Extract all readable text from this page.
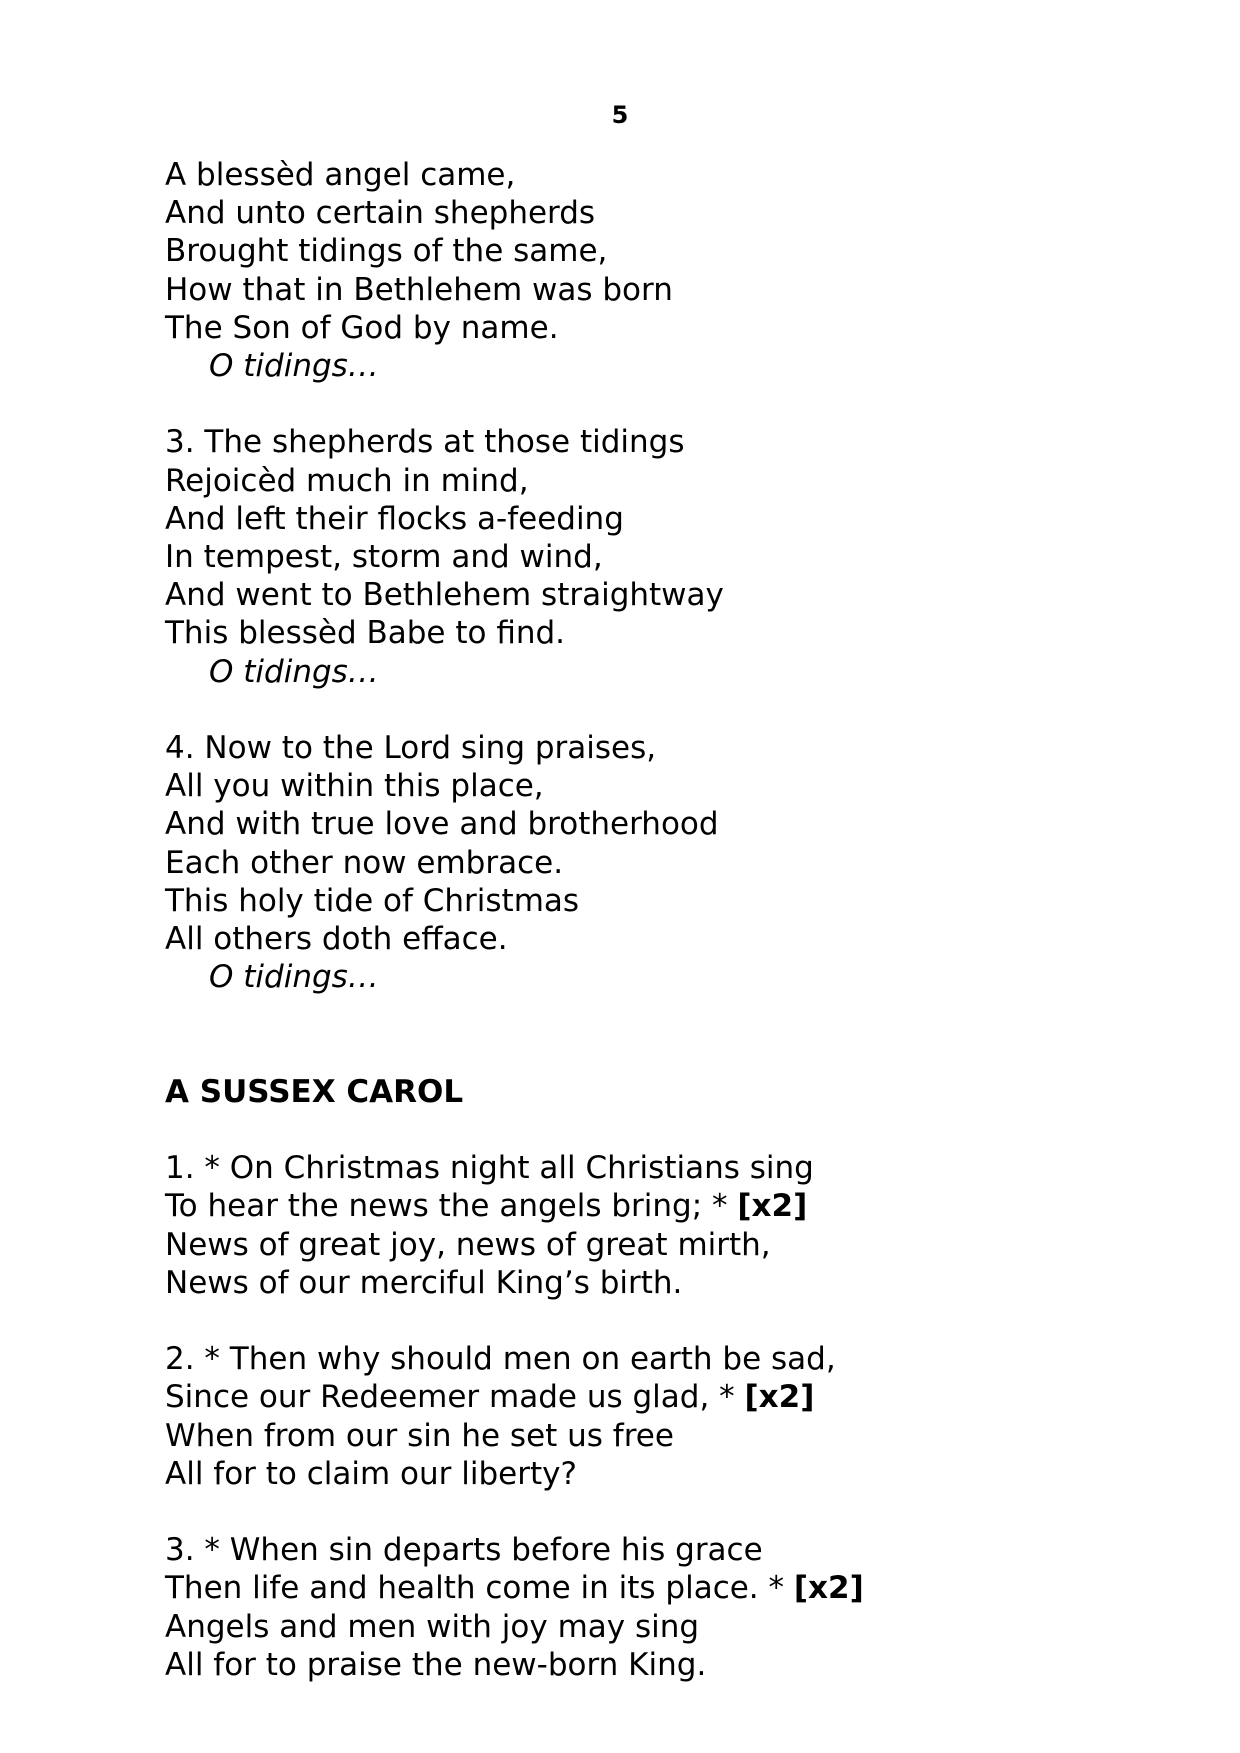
5
A blessèd angel came,
And unto certain shepherds
Brought tidings of the same,
How that in Bethlehem was born
The Son of God by name.
O tidings…
3. The shepherds at those tidings
Rejoicèd much in mind,
And left their flocks a-feeding
In tempest, storm and wind,
And went to Bethlehem straightway
This blessèd Babe to find.
O tidings…
4. Now to the Lord sing praises,
All you within this place,
And with true love and brotherhood
Each other now embrace.
This holy tide of Christmas
All others doth efface.
O tidings…
A SUSSEX CAROL
1. * On Christmas night all Christians sing
To hear the news the angels bring; * [x2]
News of great joy, news of great mirth,
News of our merciful King’s birth.
2. * Then why should men on earth be sad,
Since our Redeemer made us glad, * [x2]
When from our sin he set us free
All for to claim our liberty?
3. * When sin departs before his grace
Then life and health come in its place. * [x2]
Angels and men with joy may sing
All for to praise the new-born King.
